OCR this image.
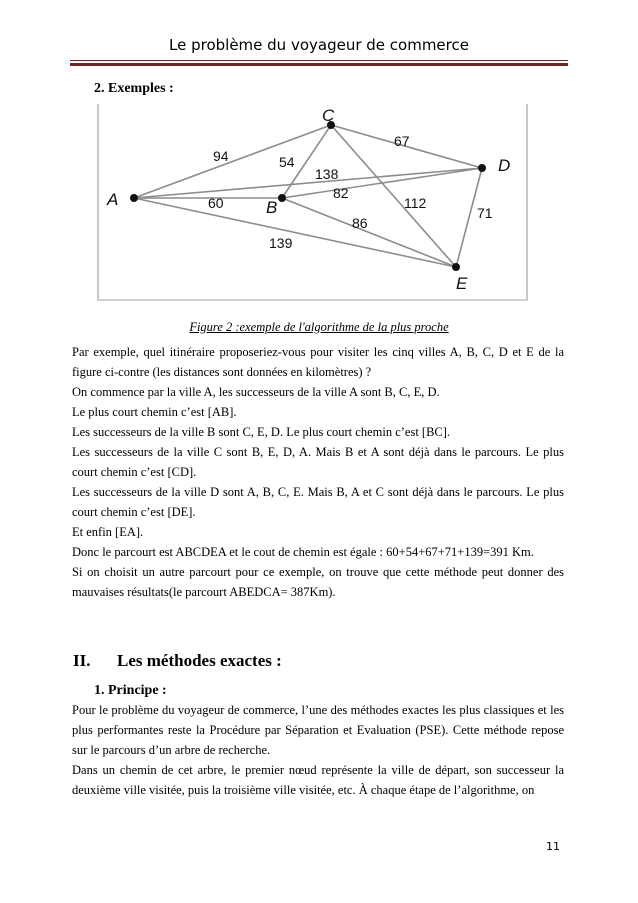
Le problème du voyageur de commerce
2. Exemples :
94
67
54
138
82
60	112
86
71
139
A	B
C
D
E
Figure 2 :exemple de l'algorithme de la plus proche

Par exemple, quel itinéraire proposeriez-vous pour visiter les cinq villes A, B, C, D et E de la figure ci-contre (les distances sont données en kilomètres) ?

On commence par la ville A, les successeurs de la ville A sont B, C, E, D.

Le plus court chemin c’est [AB].

Les successeurs de la ville B sont C, E, D. Le plus court chemin c’est [BC].

Les successeurs de la ville C sont B, E, D, A. Mais B et A sont déjà dans le parcours. Le plus court chemin c’est [CD].

Les successeurs de la ville D sont A, B, C, E. Mais B, A et C sont déjà dans le parcours. Le plus court chemin c’est [DE].

Et enfin [EA].

Donc le parcourt est ABCDEA et le cout de chemin est égale : 60+54+67+71+139=391 Km.

Si on choisit un autre parcourt pour ce exemple, on trouve que cette méthode peut donner des mauvaises résultats(le parcourt ABEDCA= 387Km).

II. Les méthodes exactes :
1. Principe :

Pour le problème du voyageur de commerce, l’une des méthodes exactes les plus classiques et les plus performantes reste la Procédure par Séparation et Evaluation (PSE). Cette méthode repose sur le parcours d’un arbre de recherche.

Dans un chemin de cet arbre, le premier nœud représente la ville de départ, son successeur la deuxième ville visitée, puis la troisième ville visitée, etc. À chaque étape de l’algorithme, on

11
